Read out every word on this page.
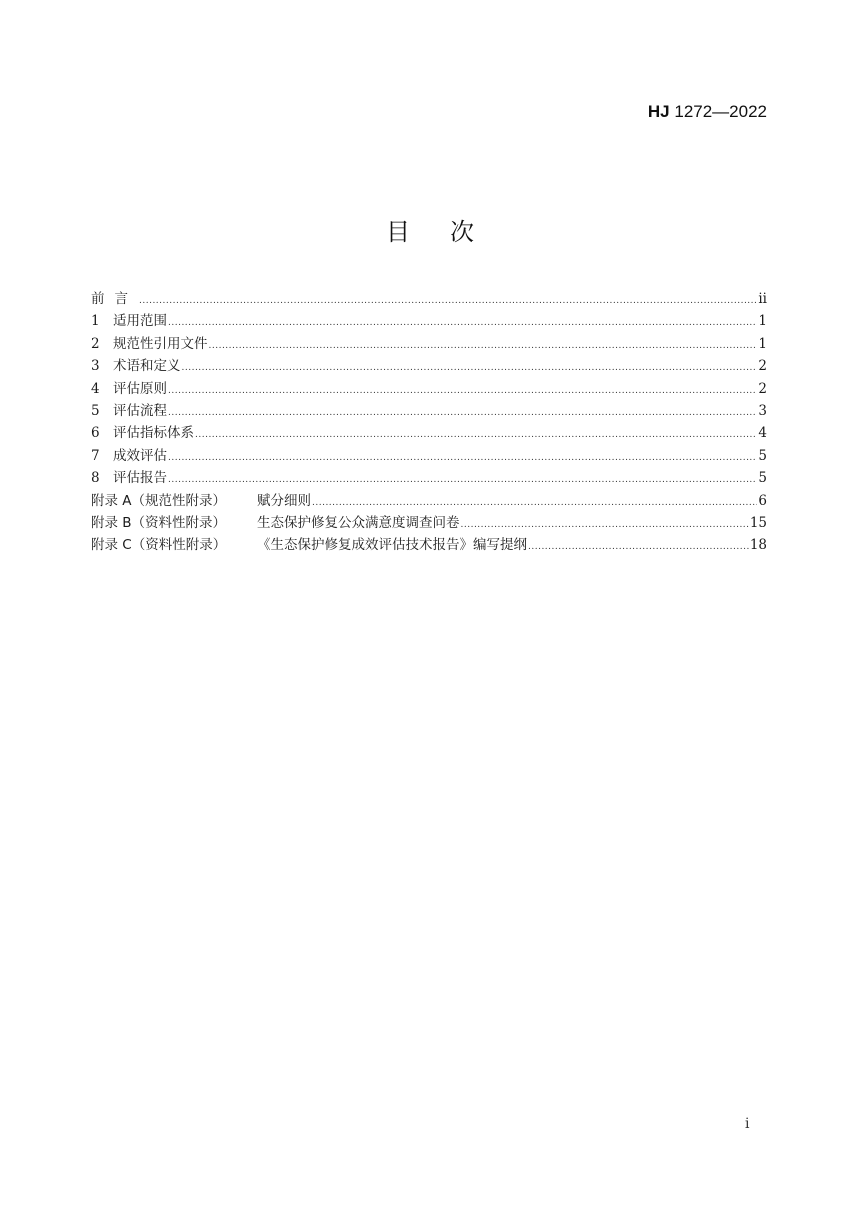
HJ 1272—2022
目次
前言 .....	ii
1 适用范围 .....	1
2 规范性引用文件 .....	1
3 术语和定义 .....	2
4 评估原则 .....	2
5 评估流程 .....	3
6 评估指标体系 .....	4
7 成效评估 .....	5
8 评估报告 .....	5
附录 A（规范性附录）	赋分细则 .....	6
附录 B（资料性附录）	生态保护修复公众满意度调查问卷 .....	15
附录 C（资料性附录）	《生态保护修复成效评估技术报告》编写提纲 .....	18
i
